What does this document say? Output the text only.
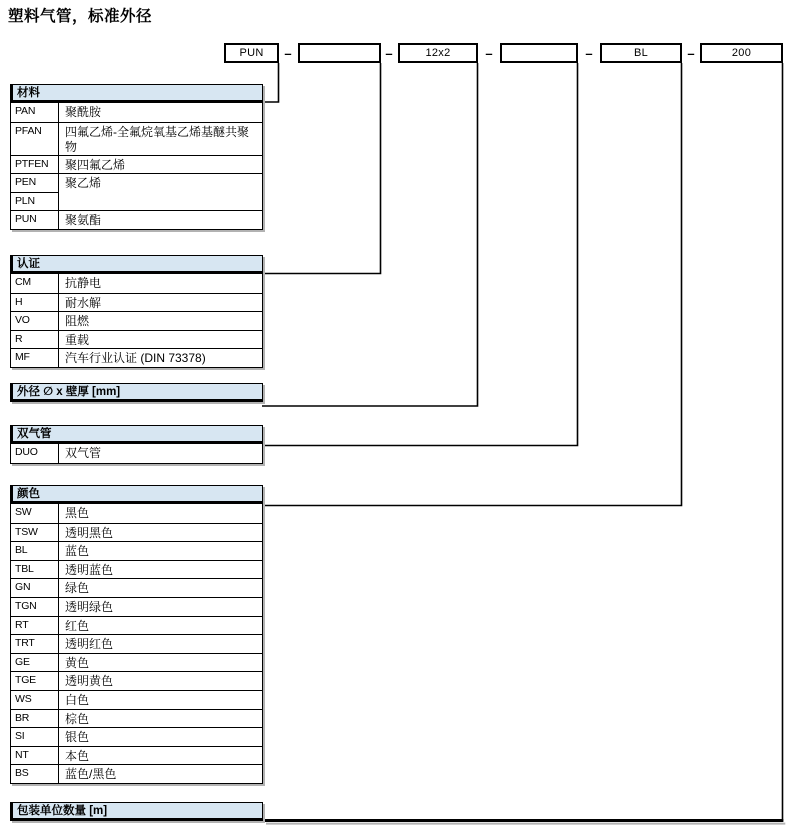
塑料气管，标准外径
PUN –	–	12x2	–	–	BL	–	200
材料
PAN	聚酰胺
PFAN	四氟乙烯-全氟烷氧基乙烯基醚共聚物
PTFEN	聚四氟乙烯
PEN	聚乙烯
PLN
PUN	聚氨酯
认证
CM	抗静电
H	耐水解
VO	阻燃
R	重载
MF	汽车行业认证 (DIN 73378)
外径 ∅ x 壁厚 [mm]
双气管
DUO	双气管
颜色
SW	黑色
TSW	透明黑色
BL	蓝色
TBL	透明蓝色
GN	绿色
TGN	透明绿色
RT	红色
TRT	透明红色
GE	黄色
TGE	透明黄色
WS	白色
BR	棕色
SI	银色
NT	本色
BS	蓝色/黑色
包装单位数量 [m]
